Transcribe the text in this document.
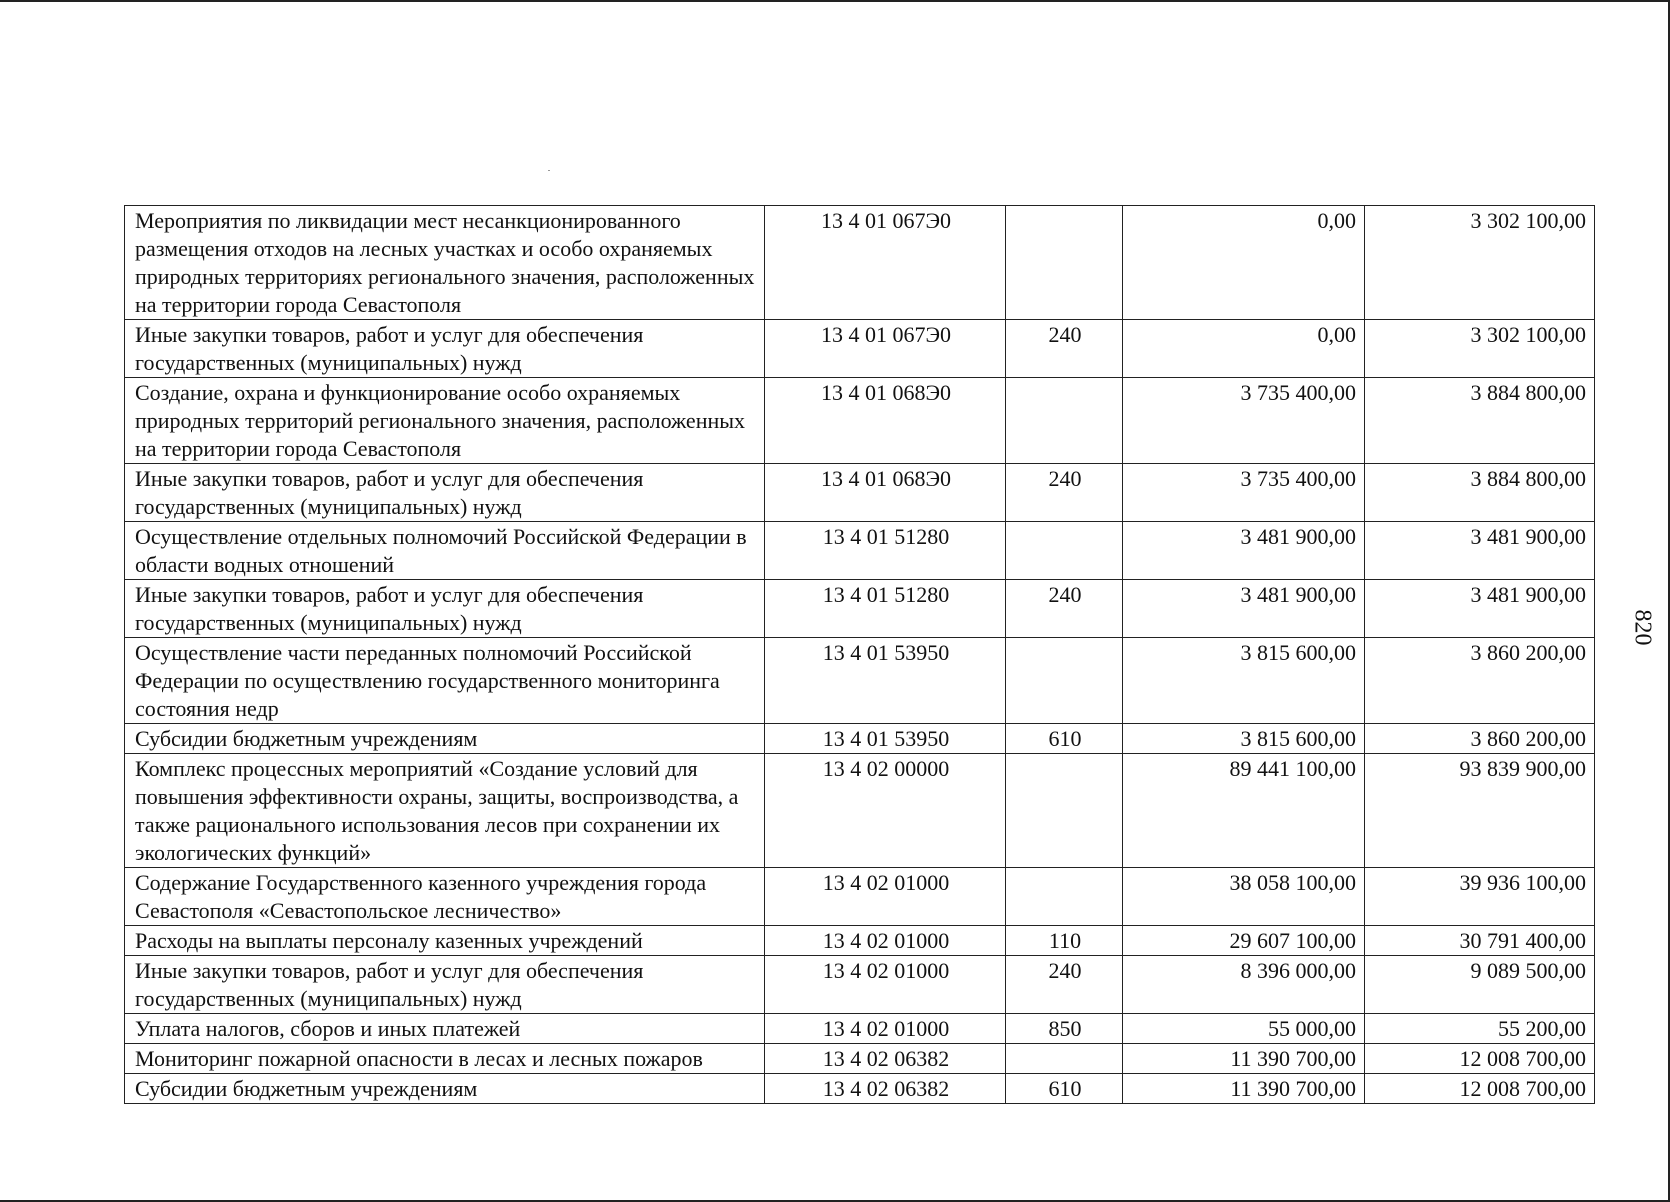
Мероприятия по ликвидации мест несанкционированного размещения отходов на лесных участках и особо охраняемых природных территориях регионального значения, расположенных на территории города Севастополя	13 4 01 067Э0		0,00	3 302 100,00
Иные закупки товаров, работ и услуг для обеспечения государственных (муниципальных) нужд	13 4 01 067Э0	240	0,00	3 302 100,00
Создание, охрана и функционирование особо охраняемых природных территорий регионального значения, расположенных на территории города Севастополя	13 4 01 068Э0		3 735 400,00	3 884 800,00
Иные закупки товаров, работ и услуг для обеспечения государственных (муниципальных) нужд	13 4 01 068Э0	240	3 735 400,00	3 884 800,00
Осуществление отдельных полномочий Российской Федерации в области водных отношений	13 4 01 51280		3 481 900,00	3 481 900,00
Иные закупки товаров, работ и услуг для обеспечения государственных (муниципальных) нужд	13 4 01 51280	240	3 481 900,00	3 481 900,00
Осуществление части переданных полномочий Российской Федерации по осуществлению государственного мониторинга состояния недр	13 4 01 53950		3 815 600,00	3 860 200,00
Субсидии бюджетным учреждениям	13 4 01 53950	610	3 815 600,00	3 860 200,00
Комплекс процессных мероприятий «Создание условий для повышения эффективности охраны, защиты, воспроизводства, а также рационального использования лесов при сохранении их экологических функций»	13 4 02 00000		89 441 100,00	93 839 900,00
Содержание Государственного казенного учреждения города Севастополя «Севастопольское лесничество»	13 4 02 01000		38 058 100,00	39 936 100,00
Расходы на выплаты персоналу казенных учреждений	13 4 02 01000	110	29 607 100,00	30 791 400,00
Иные закупки товаров, работ и услуг для обеспечения государственных (муниципальных) нужд	13 4 02 01000	240	8 396 000,00	9 089 500,00
Уплата налогов, сборов и иных платежей	13 4 02 01000	850	55 000,00	55 200,00
Мониторинг пожарной опасности в лесах и лесных пожаров	13 4 02 06382		11 390 700,00	12 008 700,00
Субсидии бюджетным учреждениям	13 4 02 06382	610	11 390 700,00	12 008 700,00
820
